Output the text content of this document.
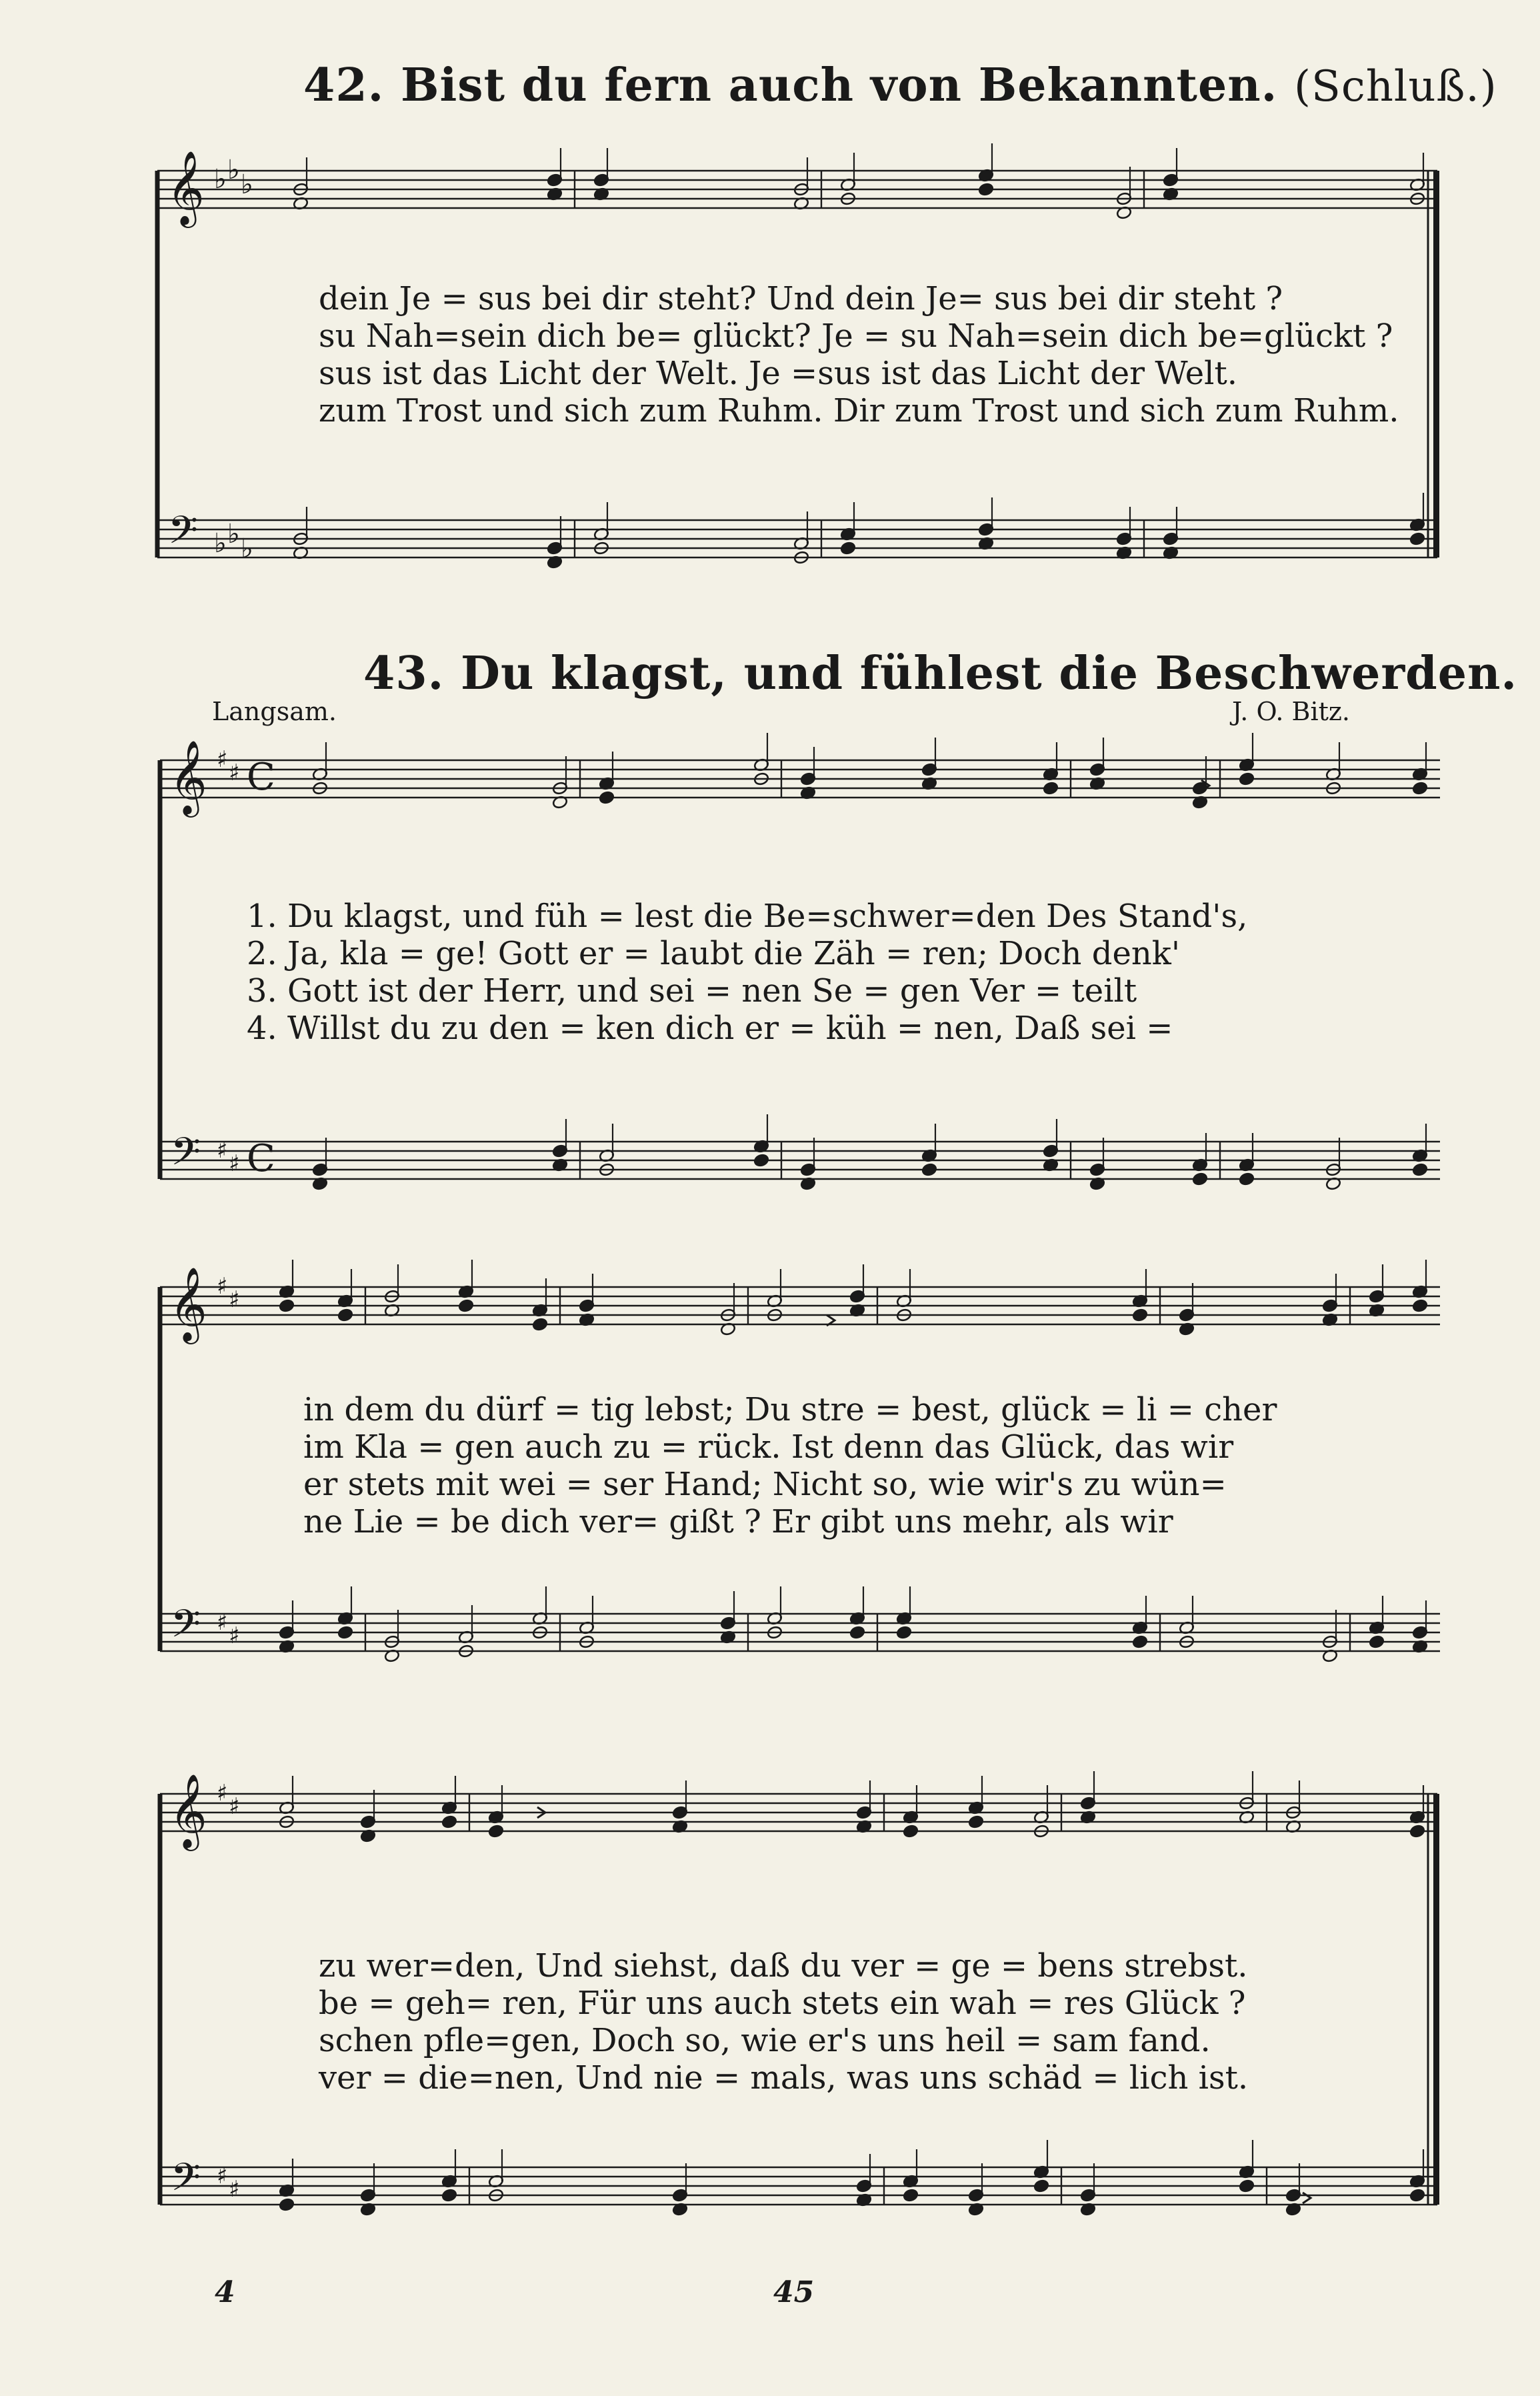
42. Bist du fern auch von Bekannten. (Schluß.)
dein Je = sus bei dir steht? Und dein Je= sus bei dir steht ?
su Nah=sein dich be= glückt? Je = su Nah=sein dich be=glückt ?
sus ist das Licht der Welt. Je =sus ist das Licht der Welt.
zum Trost und sich zum Ruhm. Dir zum Trost und sich zum Ruhm.
43. Du klagst, und fühlest die Beschwerden.
Langsam.	J. O. Bitz.
1. Du klagst, und füh = lest die Be=schwer=den Des Stand's,
2. Ja, kla = ge! Gott er = laubt die Zäh = ren; Doch denk'
3. Gott ist der Herr, und sei = nen Se = gen Ver = teilt
4. Willst du zu den = ken dich er = küh = nen, Daß sei =
in dem du dürf = tig lebst; Du stre = best, glück = li = cher
im Kla = gen auch zu = rück. Ist denn das Glück, das wir
er stets mit wei = ser Hand; Nicht so, wie wir's zu wün=
ne Lie = be dich ver= gißt ? Er gibt uns mehr, als wir
zu wer=den, Und siehst, daß du ver = ge = bens strebst.
be = geh= ren, Für uns auch stets ein wah = res Glück ?
schen pfle=gen, Doch so, wie er's uns heil = sam fand.
ver = die=nen, Und nie = mals, was uns schäd = lich ist.
4	45
𝄞
𝄢
♭ ♭ ♭
♭ ♭ ♭
𝄞
𝄢
♯ ♯
♯ ♯
C
C
𝄞
𝄢
♯ ♯
♯ ♯
𝄞
𝄢
♯ ♯
♯ ♯
